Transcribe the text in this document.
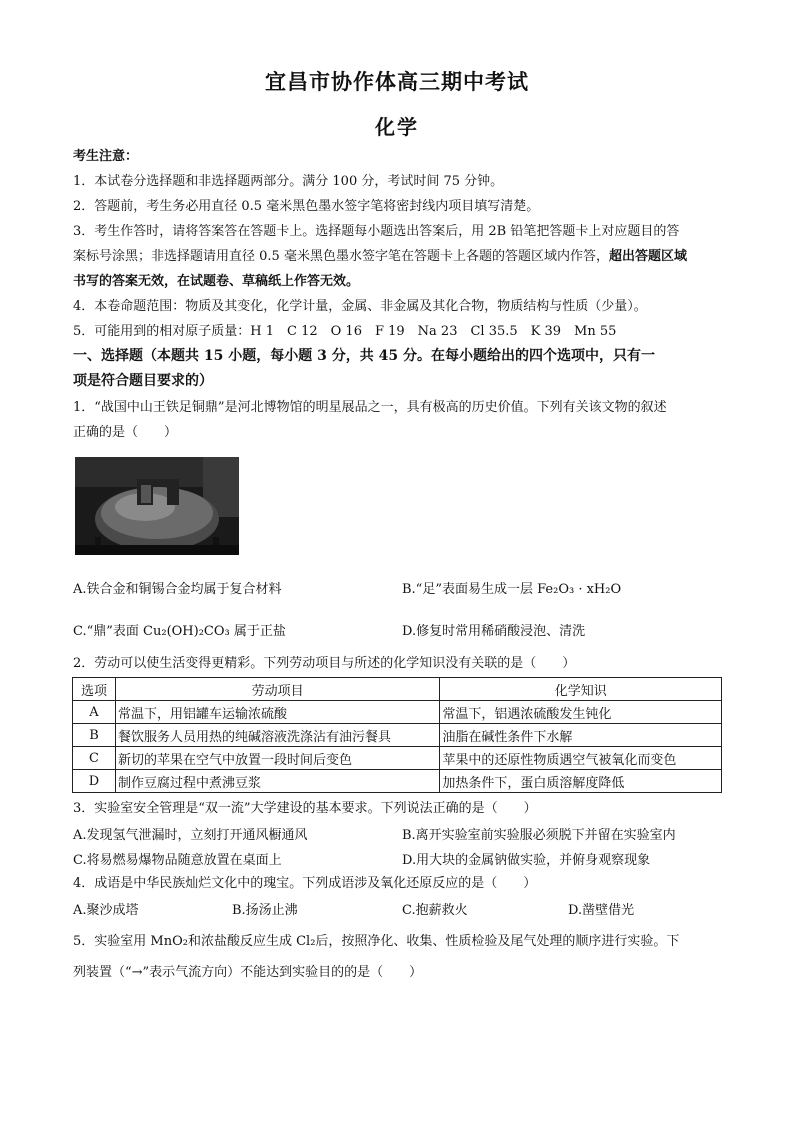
宜昌市协作体高三期中考试
化学
考生注意：
1．本试卷分选择题和非选择题两部分。满分 100 分，考试时间 75 分钟。
2．答题前，考生务必用直径 0.5 毫米黑色墨水签字笔将密封线内项目填写清楚。
3．考生作答时，请将答案答在答题卡上。选择题每小题选出答案后，用 2B 铅笔把答题卡上对应题目的答
案标号涂黑；非选择题请用直径 0.5 毫米黑色墨水签字笔在答题卡上各题的答题区域内作答，超出答题区域
书写的答案无效，在试题卷、草稿纸上作答无效。
4．本卷命题范围：物质及其变化，化学计量，金属、非金属及其化合物，物质结构与性质（少量）。
5．可能用到的相对原子质量：H 1　C 12　O 16　F 19　Na 23　Cl 35.5　K 39　Mn 55
一、选择题（本题共 15 小题，每小题 3 分，共 45 分。在每小题给出的四个选项中，只有一
项是符合题目要求的）
1．“战国中山王铁足铜鼎”是河北博物馆的明星展品之一，具有极高的历史价值。下列有关该文物的叙述
正确的是（　　）
A.铁合金和铜锡合金均属于复合材料	B.“足”表面易生成一层 Fe₂O₃ · xH₂O
C.“鼎”表面 Cu₂(OH)₂CO₃ 属于正盐	D.修复时常用稀硝酸浸泡、清洗
2．劳动可以使生活变得更精彩。下列劳动项目与所述的化学知识没有关联的是（　　）
选项	劳动项目	化学知识
A	常温下，用铝罐车运输浓硫酸	常温下，铝遇浓硫酸发生钝化
B	餐饮服务人员用热的纯碱溶液洗涤沾有油污餐具	油脂在碱性条件下水解
C	新切的苹果在空气中放置一段时间后变色	苹果中的还原性物质遇空气被氧化而变色
D	制作豆腐过程中煮沸豆浆	加热条件下，蛋白质溶解度降低
3．实验室安全管理是“双一流”大学建设的基本要求。下列说法正确的是（　　）
A.发现氢气泄漏时，立刻打开通风橱通风	B.离开实验室前实验服必须脱下并留在实验室内
C.将易燃易爆物品随意放置在桌面上	D.用大块的金属钠做实验，并俯身观察现象
4．成语是中华民族灿烂文化中的瑰宝。下列成语涉及氧化还原反应的是（　　）
A.聚沙成塔	B.扬汤止沸	C.抱薪救火	D.凿壁借光
5．实验室用 MnO₂和浓盐酸反应生成 Cl₂后，按照净化、收集、性质检验及尾气处理的顺序进行实验。下
列装置（“→”表示气流方向）不能达到实验目的的是（　　）
